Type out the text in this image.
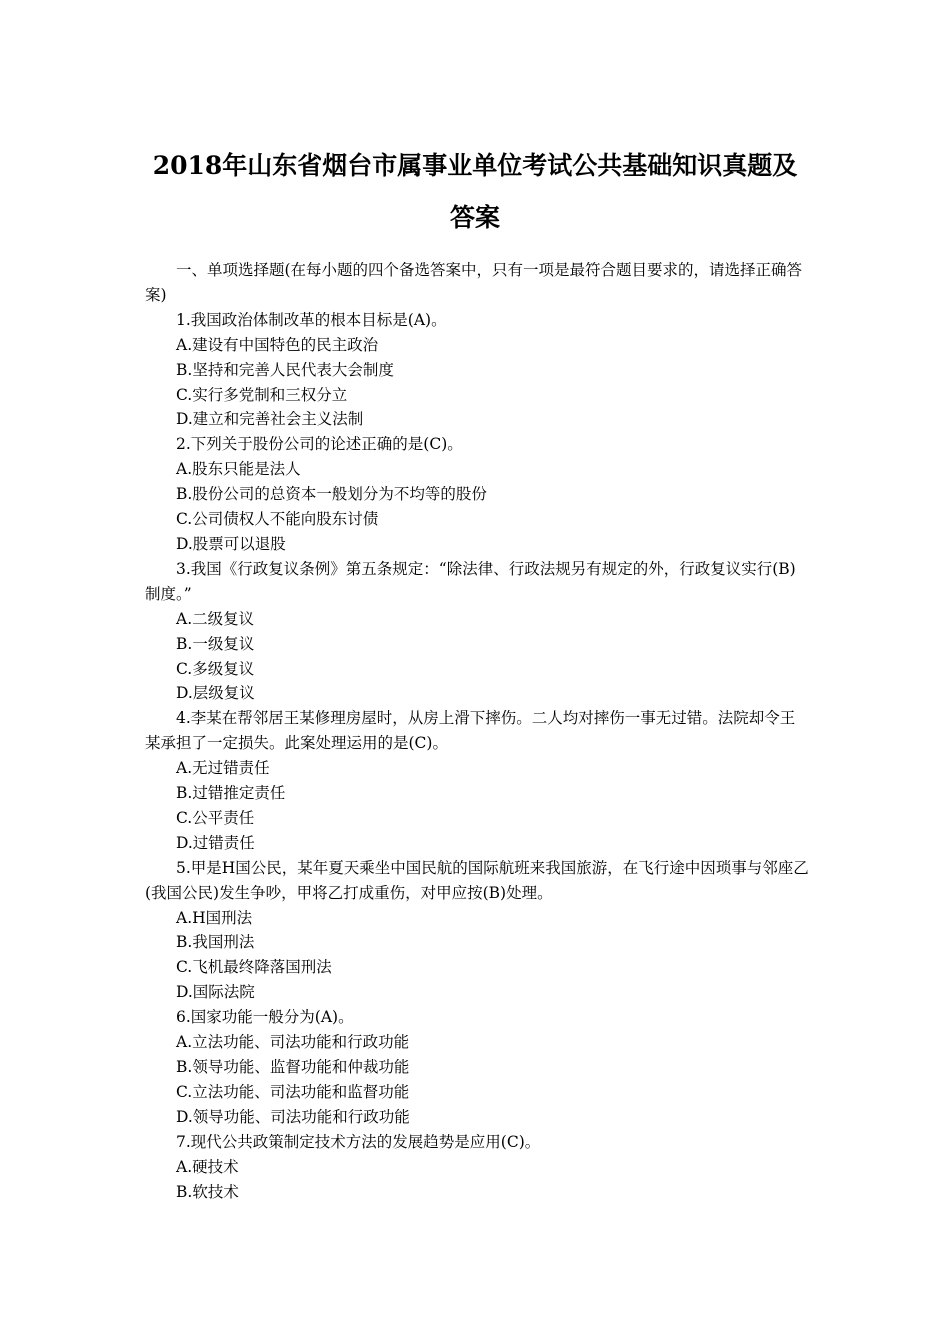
2018年山东省烟台市属事业单位考试公共基础知识真题及
答案

一、单项选择题(在每小题的四个备选答案中，只有一项是最符合题目要求的，请选择正确答案)

1.我国政治体制改革的根本目标是(A)。

A.建设有中国特色的民主政治

B.坚持和完善人民代表大会制度

C.实行多党制和三权分立

D.建立和完善社会主义法制

2.下列关于股份公司的论述正确的是(C)。

A.股东只能是法人

B.股份公司的总资本一般划分为不均等的股份

C.公司债权人不能向股东讨债

D.股票可以退股

3.我国《行政复议条例》第五条规定：“除法律、行政法规另有规定的外，行政复议实行(B)制度。”

A.二级复议

B.一级复议

C.多级复议

D.层级复议

4.李某在帮邻居王某修理房屋时，从房上滑下摔伤。二人均对摔伤一事无过错。法院却令王某承担了一定损失。此案处理运用的是(C)。

A.无过错责任

B.过错推定责任

C.公平责任

D.过错责任

5.甲是H国公民，某年夏天乘坐中国民航的国际航班来我国旅游，在飞行途中因琐事与邻座乙(我国公民)发生争吵，甲将乙打成重伤，对甲应按(B)处理。

A.H国刑法

B.我国刑法

C.飞机最终降落国刑法

D.国际法院

6.国家功能一般分为(A)。

A.立法功能、司法功能和行政功能

B.领导功能、监督功能和仲裁功能

C.立法功能、司法功能和监督功能

D.领导功能、司法功能和行政功能

7.现代公共政策制定技术方法的发展趋势是应用(C)。

A.硬技术

B.软技术
